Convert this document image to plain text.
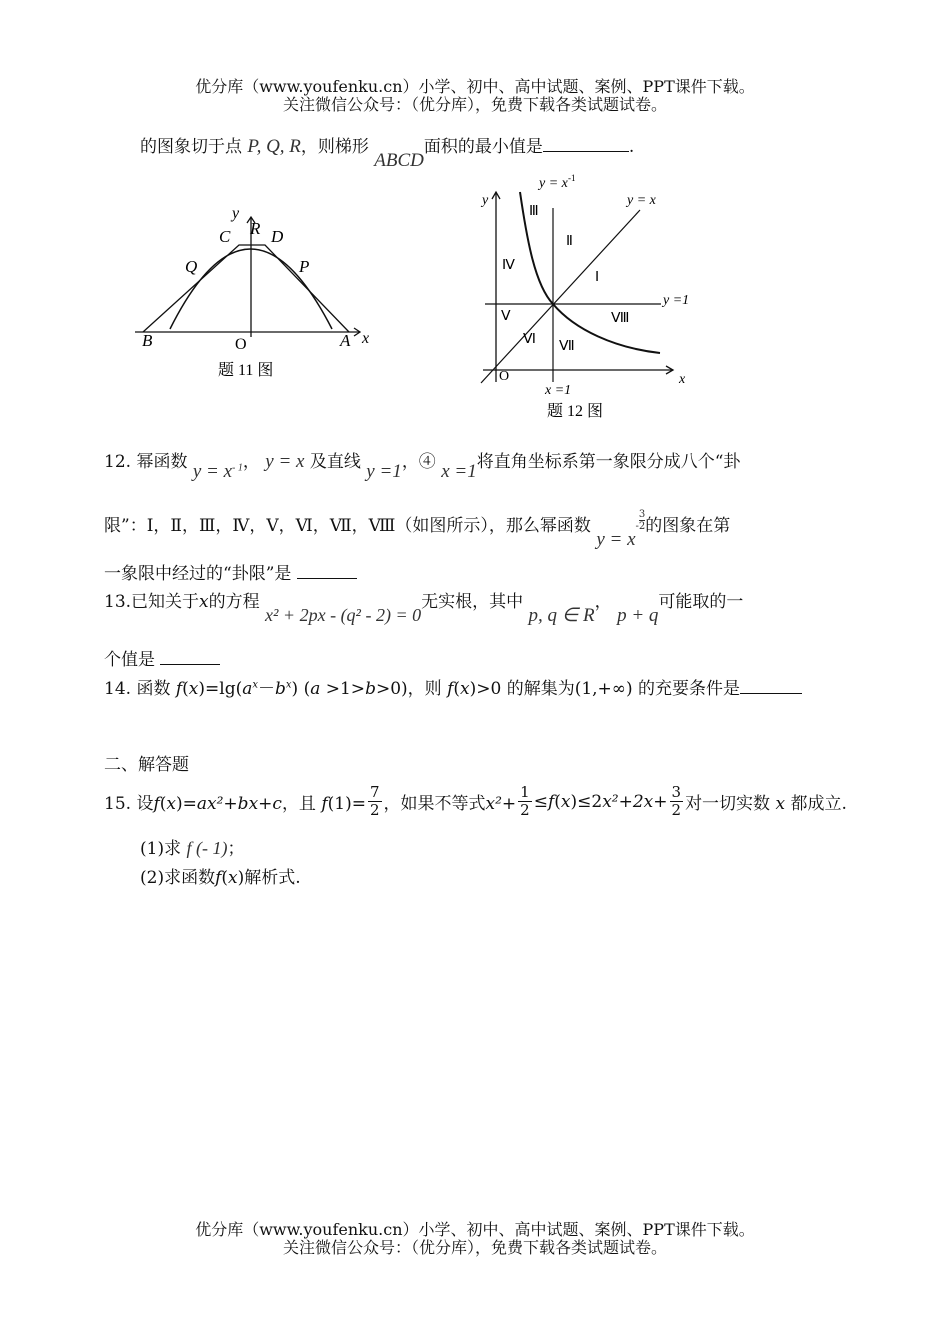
优分库（www.youfenku.cn）小学、初中、高中试题、案例、PPT课件下载。
关注微信公众号：（优分库），免费下载各类试题试卷。
的图象切于点 P, Q, R，则梯形 ABCD面积的最小值是	.
y
R
C D
Q	P
B	O	A x
题 11 图
y = x -1
y	y = x
y =1
x =1
x
O
Ⅲ
Ⅱ
Ⅳ
Ⅰ
Ⅴ	Ⅷ
Ⅵ Ⅶ
题 12 图
12. 幂函数 $y = x^{- 1}$， y = x 及直线 y =1，④ x =1将直角坐标系第一象限分成八个“卦
限”：Ⅰ，Ⅱ，Ⅲ，Ⅳ，Ⅴ，Ⅵ，Ⅶ，Ⅷ（如图所示），那么幂函数 $y = x- \frac{3}{2}$ 的图象在第
一象限中经过的“卦限”是
13.已知关于x的方程 x² + 2px - (q² - 2) = 0无实根，其中 p, q ∈ R， p + q可能取的一
个值是
14. 函数 $f(x)=\lg(a^x-b^x)$ (a >1>b>0)，则 f(x)>0 的解集为(1,+∞) 的充要条件是
二、解答题
15. 设f(x)=ax²+bx+c，且 $f(1)= \frac{7}{2}$ ，如果不等式$x^2+ \frac{1}{2} \le f(x)\le 2x^2+2x+ \frac{3}{2}$ 对一切实数 x 都成立.
(1)求 f (- 1)；
(2)求函数f(x)解析式.
优分库（www.youfenku.cn）小学、初中、高中试题、案例、PPT课件下载。
关注微信公众号：（优分库），免费下载各类试题试卷。
